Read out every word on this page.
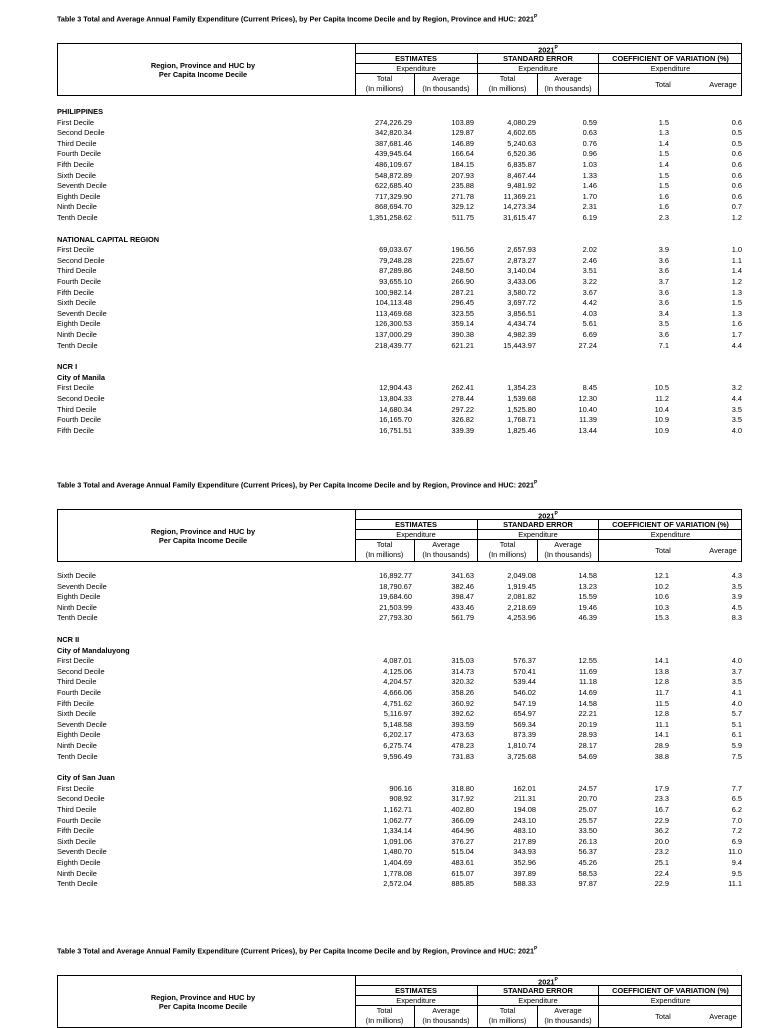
Table 3 Total and Average Annual Family Expenditure (Current Prices), by Per Capita Income Decile and by Region, Province and HUC: $2021^P$
Region, Province and HUC by
Per Capita Income Decile
$2021^P$
ESTIMATES	STANDARD ERROR	COEFFICIENT OF VARIATION (%)
Expenditure	Expenditure	Expenditure
Total
(In millions)
Average
(In thousands)
Total
(In millions)
Average
(In thousands)	Total	Average
PHILIPPINES
First Decile	274,226.29	103.89	4,080.29	0.59	1.5	0.6
Second Decile	342,820.34	129.87	4,602.65	0.63	1.3	0.5
Third Decile	387,681.46	146.89	5,240.63	0.76	1.4	0.5
Fourth Decile	439,945.64	166.64	6,520.36	0.96	1.5	0.6
Fifth Decile	486,109.67	184.15	6,835.87	1.03	1.4	0.6
Sixth Decile	548,872.89	207.93	8,467.44	1.33	1.5	0.6
Seventh Decile	622,685.40	235.88	9,481.92	1.46	1.5	0.6
Eighth Decile	717,329.90	271.78	11,369.21	1.70	1.6	0.6
Ninth Decile	868,694.70	329.12	14,273.34	2.31	1.6	0.7
Tenth Decile	1,351,258.62	511.75	31,615.47	6.19	2.3	1.2
NATIONAL CAPITAL REGION
First Decile	69,033.67	196.56	2,657.93	2.02	3.9	1.0
Second Decile	79,248.28	225.67	2,873.27	2.46	3.6	1.1
Third Decile	87,289.86	248.50	3,140.04	3.51	3.6	1.4
Fourth Decile	93,655.10	266.90	3,433.06	3.22	3.7	1.2
Fifth Decile	100,982.14	287.21	3,580.72	3.67	3.6	1.3
Sixth Decile	104,113.48	296.45	3,697.72	4.42	3.6	1.5
Seventh Decile	113,469.68	323.55	3,856.51	4.03	3.4	1.3
Eighth Decile	126,300.53	359.14	4,434.74	5.61	3.5	1.6
Ninth Decile	137,000.29	390.38	4,982.39	6.69	3.6	1.7
Tenth Decile	218,439.77	621.21	15,443.97	27.24	7.1	4.4
NCR I
City of Manila
First Decile	12,904.43	262.41	1,354.23	8.45	10.5	3.2
Second Decile	13,804.33	278.44	1,539.68	12.30	11.2	4.4
Third Decile	14,680.34	297.22	1,525.80	10.40	10.4	3.5
Fourth Decile	16,165.70	326.82	1,768.71	11.39	10.9	3.5
Fifth Decile	16,751.51	339.39	1,825.46	13.44	10.9	4.0
Table 3 Total and Average Annual Family Expenditure (Current Prices), by Per Capita Income Decile and by Region, Province and HUC: $2021^P$
Region, Province and HUC by
Per Capita Income Decile
$2021^P$
ESTIMATES	STANDARD ERROR	COEFFICIENT OF VARIATION (%)
Expenditure	Expenditure	Expenditure
Total
(In millions)
Average
(In thousands)
Total
(In millions)
Average
(In thousands)	Total	Average
Sixth Decile	16,892.77	341.63	2,049.08	14.58	12.1	4.3
Seventh Decile	18,790.67	382.46	1,919.45	13.23	10.2	3.5
Eighth Decile	19,684.60	398.47	2,081.82	15.59	10.6	3.9
Ninth Decile	21,503.99	433.46	2,218.69	19.46	10.3	4.5
Tenth Decile	27,793.30	561.79	4,253.96	46.39	15.3	8.3
NCR II
City of Mandaluyong
First Decile	4,087.01	315.03	576.37	12.55	14.1	4.0
Second Decile	4,125.06	314.73	570.41	11.69	13.8	3.7
Third Decile	4,204.57	320.32	539.44	11.18	12.8	3.5
Fourth Decile	4,666.06	358.26	546.02	14.69	11.7	4.1
Fifth Decile	4,751.62	360.92	547.19	14.58	11.5	4.0
Sixth Decile	5,116.97	392.62	654.97	22.21	12.8	5.7
Seventh Decile	5,148.58	393.59	569.34	20.19	11.1	5.1
Eighth Decile	6,202.17	473.63	873.39	28.93	14.1	6.1
Ninth Decile	6,275.74	478.23	1,810.74	28.17	28.9	5.9
Tenth Decile	9,596.49	731.83	3,725.68	54.69	38.8	7.5
City of San Juan
First Decile	906.16	318.80	162.01	24.57	17.9	7.7
Second Decile	908.92	317.92	211.31	20.70	23.3	6.5
Third Decile	1,162.71	402.80	194.08	25.07	16.7	6.2
Fourth Decile	1,062.77	366.09	243.10	25.57	22.9	7.0
Fifth Decile	1,334.14	464.96	483.10	33.50	36.2	7.2
Sixth Decile	1,091.06	376.27	217.89	26.13	20.0	6.9
Seventh Decile	1,480.70	515.04	343.93	56.37	23.2	11.0
Eighth Decile	1,404.69	483.61	352.96	45.26	25.1	9.4
Ninth Decile	1,778.08	615.07	397.89	58.53	22.4	9.5
Tenth Decile	2,572.04	885.85	588.33	97.87	22.9	11.1
Table 3 Total and Average Annual Family Expenditure (Current Prices), by Per Capita Income Decile and by Region, Province and HUC: $2021^P$
Region, Province and HUC by
Per Capita Income Decile
$2021^P$
ESTIMATES	STANDARD ERROR	COEFFICIENT OF VARIATION (%)
Expenditure	Expenditure	Expenditure
Total
(In millions)
Average
(In thousands)
Total
(In millions)
Average
(In thousands)	Total	Average
